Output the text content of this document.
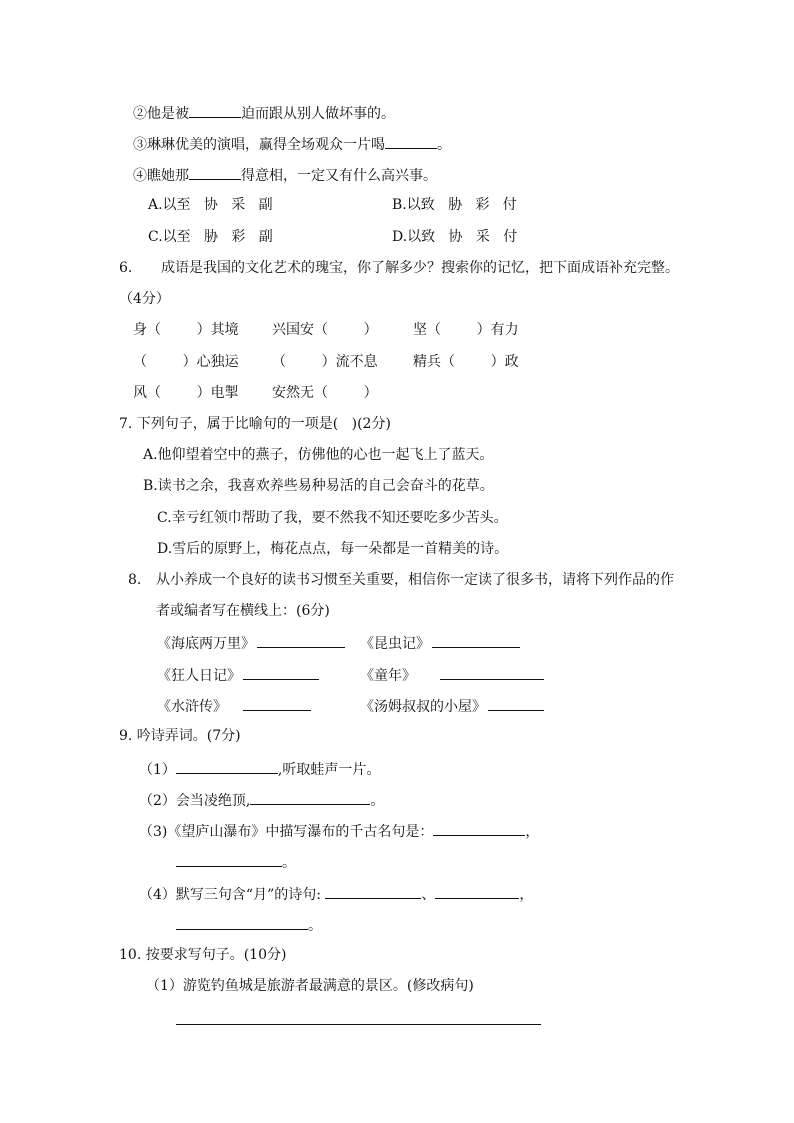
②他是被	迫而跟从别人做坏事的。
③琳琳优美的演唱，赢得全场观众一片喝	。
④瞧她那	得意相，一定又有什么高兴事。
A.以至   协   采   副	B.以致   胁   彩   付
C.以至   胁   彩   副	D.以致   协   采   付
6. 成语是我国的文化艺术的瑰宝，你了解多少？搜索你的记忆，把下面成语补充完整。
（4分）
身（        ）其境 兴国安（        ）	坚（        ）有力
（        ）心独运 （        ）流不息	精兵（        ）政
风（        ）电掣 安然无（        ）
7. 下列句子，属于比喻句的一项是(   )(2分)
A.他仰望着空中的燕子，仿佛他的心也一起飞上了蓝天。
B.读书之余，我喜欢养些易种易活的自己会奋斗的花草。
C.幸亏红领巾帮助了我，要不然我不知还要吃多少苦头。
D.雪后的原野上，梅花点点，每一朵都是一首精美的诗。
8. 从小养成一个良好的读书习惯至关重要，相信你一定读了很多书，请将下列作品的作
者或编者写在横线上：(6分)
《海底两万里》	《昆虫记》
《狂人日记》	《童年》
《水浒传》	《汤姆叔叔的小屋》
9. 吟诗弄词。(7分)
（1）	,听取蛙声一片。
（2）会当凌绝顶,	。
（3)《望庐山瀑布》中描写瀑布的千古名句是：	，
。
（4）默写三句含“月”的诗句:	、	，
。
10. 按要求写句子。(10分)
（1）游览钓鱼城是旅游者最满意的景区。(修改病句)
